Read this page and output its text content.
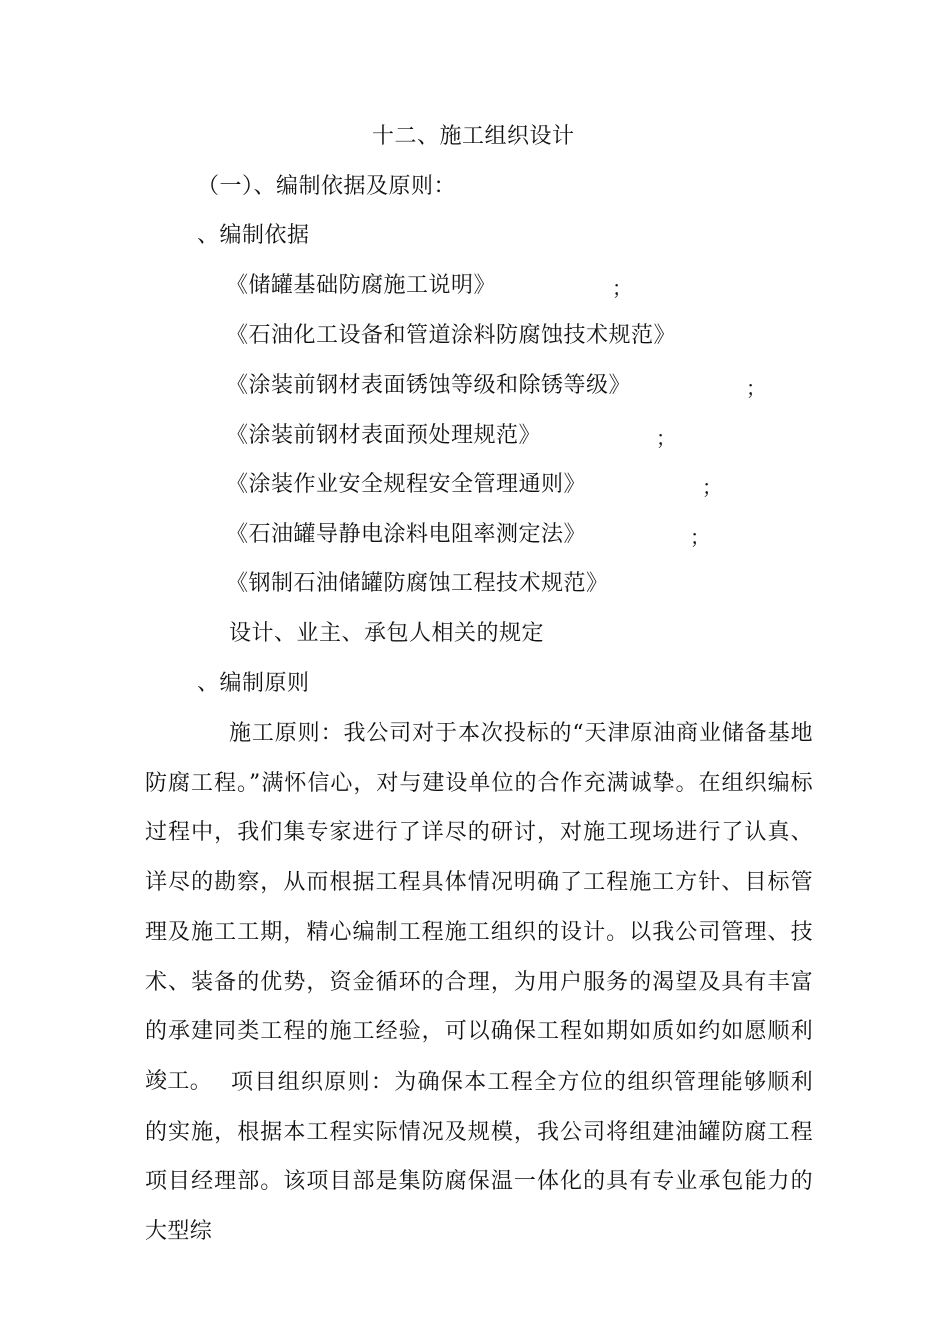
十二、施工组织设计

（一）、编制依据及原则：

、编制依据

《储罐基础防腐施工说明》	；

《石油化工设备和管道涂料防腐蚀技术规范》

《涂装前钢材表面锈蚀等级和除锈等级》	；

《涂装前钢材表面预处理规范》	；

《涂装作业安全规程安全管理通则》	；

《石油罐导静电涂料电阻率测定法》	；

《钢制石油储罐防腐蚀工程技术规范》

设计、业主、承包人相关的规定

、编制原则

施工原则：我公司对于本次投标的“天津原油商业储备基地防腐工程。”满怀信心，对与建设单位的合作充满诚挚。在组织编标过程中，我们集专家进行了详尽的研讨，对施工现场进行了认真、详尽的勘察，从而根据工程具体情况明确了工程施工方针、目标管理及施工工期，精心编制工程施工组织的设计。以我公司管理、技术、装备的优势，资金循环的合理，为用户服务的渴望及具有丰富的承建同类工程的施工经验，可以确保工程如期如质如约如愿顺利竣工。 项目组织原则：为确保本工程全方位的组织管理能够顺利的实施，根据本工程实际情况及规模，我公司将组建油罐防腐工程项目经理部。该项目部是集防腐保温一体化的具有专业承包能力的大型综
